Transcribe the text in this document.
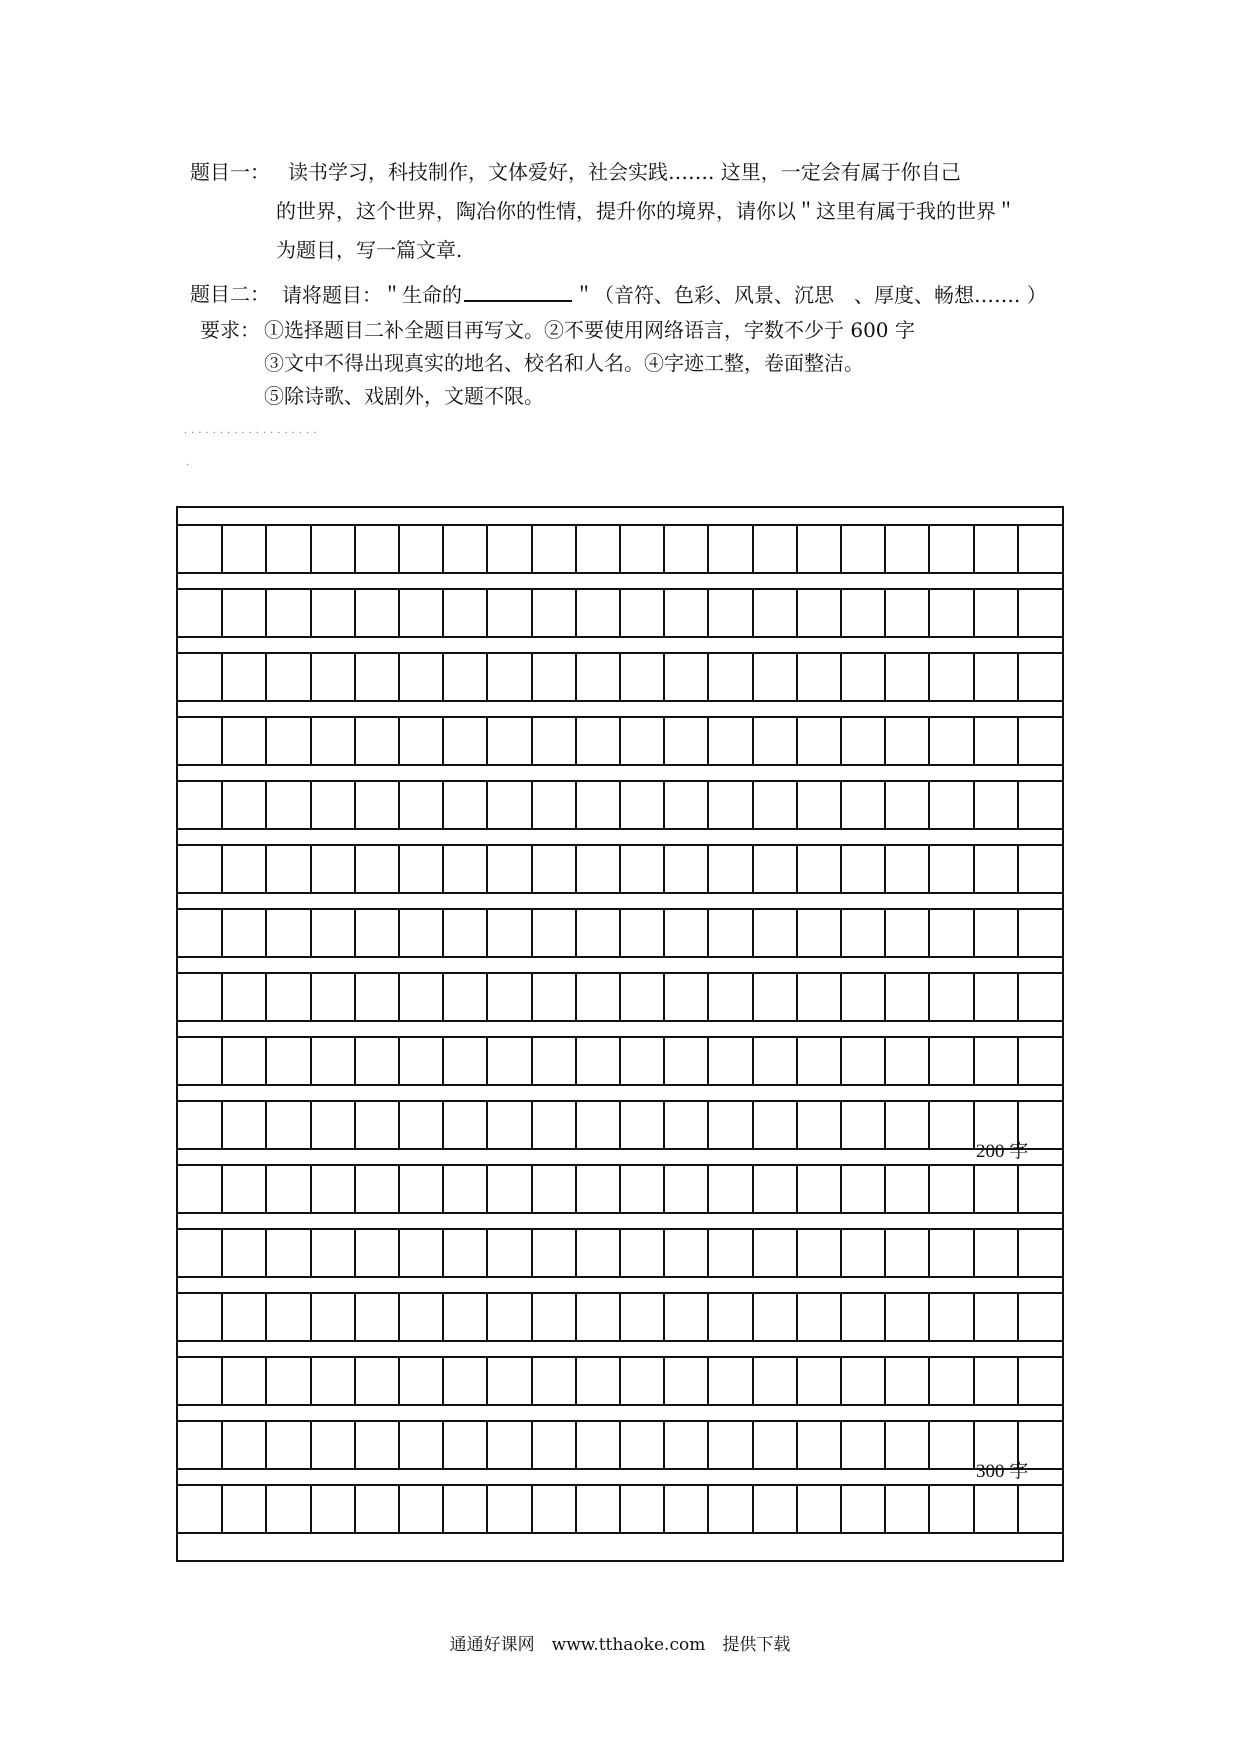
题目一： 读书学习，科技制作，文体爱好，社会实践……. 这里，一定会有属于你自己
的世界，这个世界，陶冶你的性情，提升你的境界，请你以＂这里有属于我的世界＂
为题目，写一篇文章.
题目二： 请将题目：＂生命的	＂（音符、色彩、风景、沉思　、厚度、畅想……. ）
要求： ①选择题目二补全题目再写文。②不要使用网络语言，字数不少于 600 字
③文中不得出现真实的地名、校名和人名。④字迹工整，卷面整洁。
⑤除诗歌、戏剧外，文题不限。
···················
·
200 字
300 字
通通好课网　www.tthaoke.com　提供下载
